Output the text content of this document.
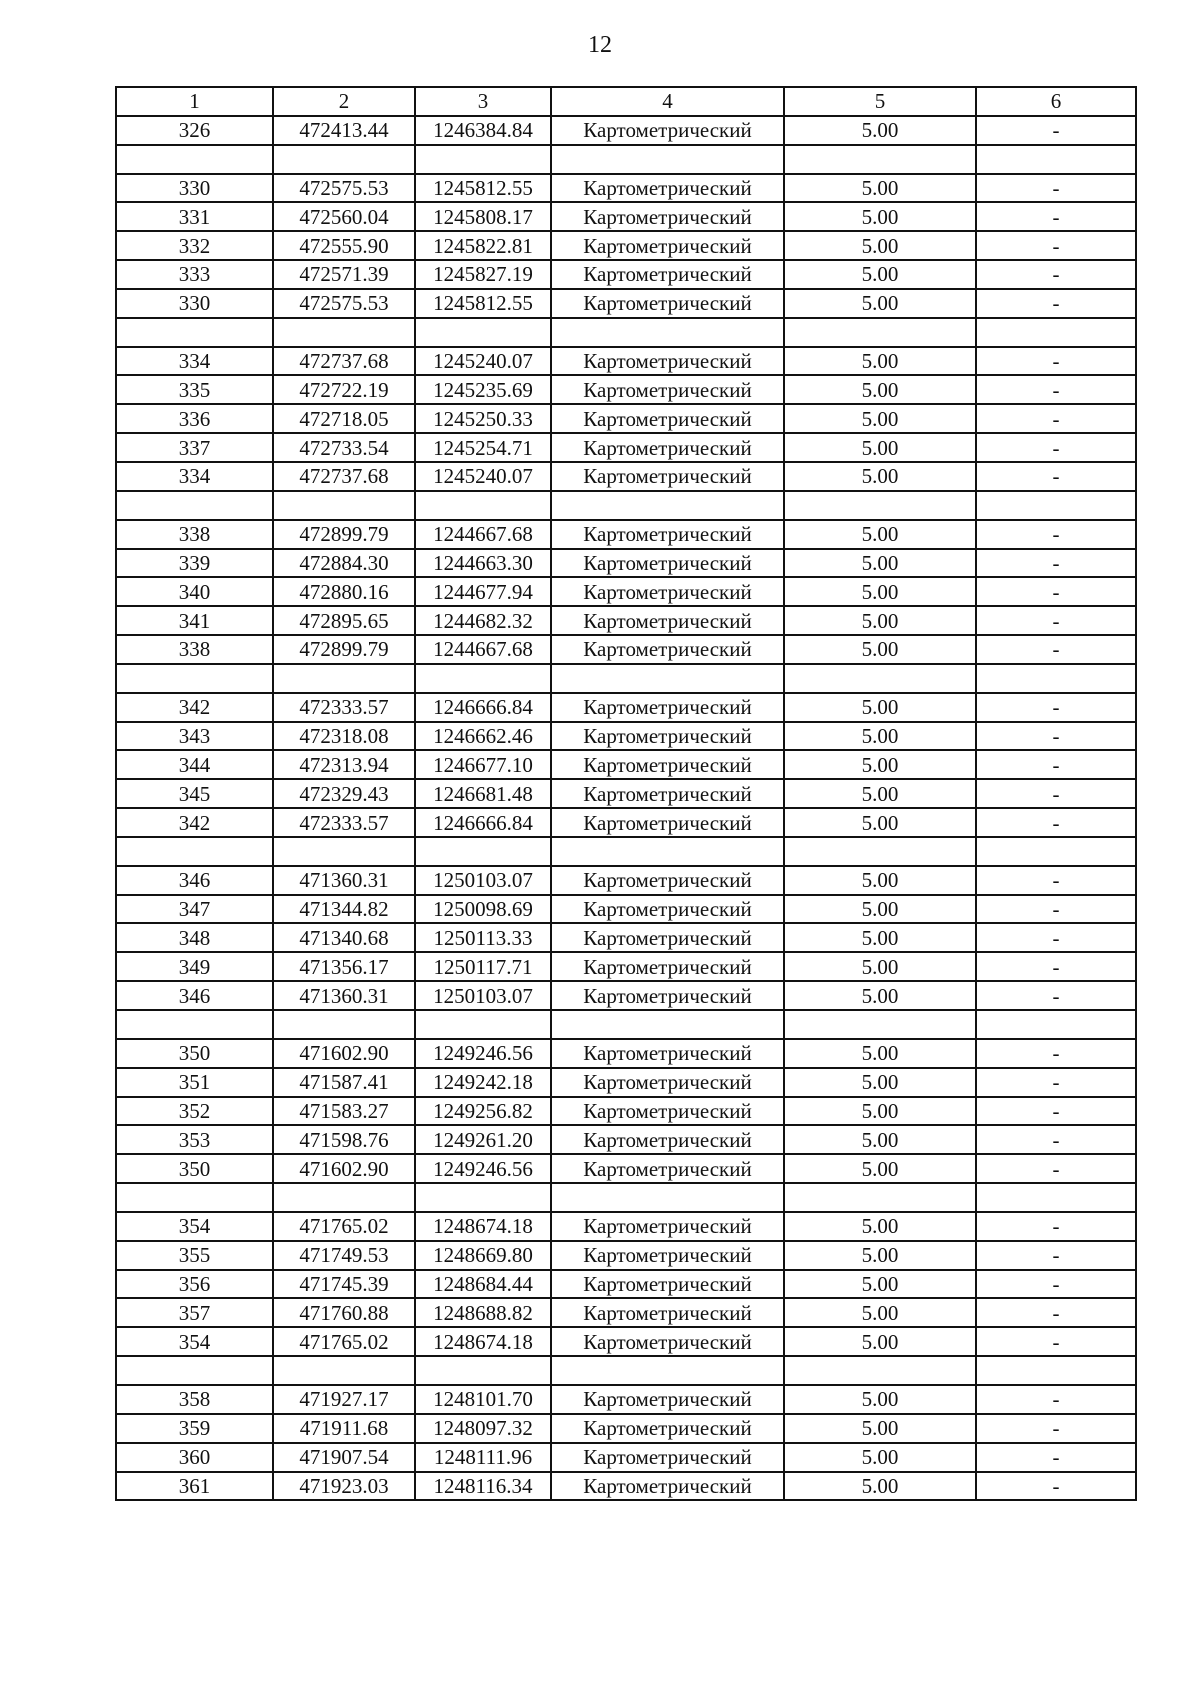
12
1	2	3	4	5	6
326	472413.44	1246384.84	Картометрический	5.00	-

330	472575.53	1245812.55	Картометрический	5.00	-
331	472560.04	1245808.17	Картометрический	5.00	-
332	472555.90	1245822.81	Картометрический	5.00	-
333	472571.39	1245827.19	Картометрический	5.00	-
330	472575.53	1245812.55	Картометрический	5.00	-

334	472737.68	1245240.07	Картометрический	5.00	-
335	472722.19	1245235.69	Картометрический	5.00	-
336	472718.05	1245250.33	Картометрический	5.00	-
337	472733.54	1245254.71	Картометрический	5.00	-
334	472737.68	1245240.07	Картометрический	5.00	-

338	472899.79	1244667.68	Картометрический	5.00	-
339	472884.30	1244663.30	Картометрический	5.00	-
340	472880.16	1244677.94	Картометрический	5.00	-
341	472895.65	1244682.32	Картометрический	5.00	-
338	472899.79	1244667.68	Картометрический	5.00	-

342	472333.57	1246666.84	Картометрический	5.00	-
343	472318.08	1246662.46	Картометрический	5.00	-
344	472313.94	1246677.10	Картометрический	5.00	-
345	472329.43	1246681.48	Картометрический	5.00	-
342	472333.57	1246666.84	Картометрический	5.00	-

346	471360.31	1250103.07	Картометрический	5.00	-
347	471344.82	1250098.69	Картометрический	5.00	-
348	471340.68	1250113.33	Картометрический	5.00	-
349	471356.17	1250117.71	Картометрический	5.00	-
346	471360.31	1250103.07	Картометрический	5.00	-

350	471602.90	1249246.56	Картометрический	5.00	-
351	471587.41	1249242.18	Картометрический	5.00	-
352	471583.27	1249256.82	Картометрический	5.00	-
353	471598.76	1249261.20	Картометрический	5.00	-
350	471602.90	1249246.56	Картометрический	5.00	-

354	471765.02	1248674.18	Картометрический	5.00	-
355	471749.53	1248669.80	Картометрический	5.00	-
356	471745.39	1248684.44	Картометрический	5.00	-
357	471760.88	1248688.82	Картометрический	5.00	-
354	471765.02	1248674.18	Картометрический	5.00	-

358	471927.17	1248101.70	Картометрический	5.00	-
359	471911.68	1248097.32	Картометрический	5.00	-
360	471907.54	1248111.96	Картометрический	5.00	-
361	471923.03	1248116.34	Картометрический	5.00	-
